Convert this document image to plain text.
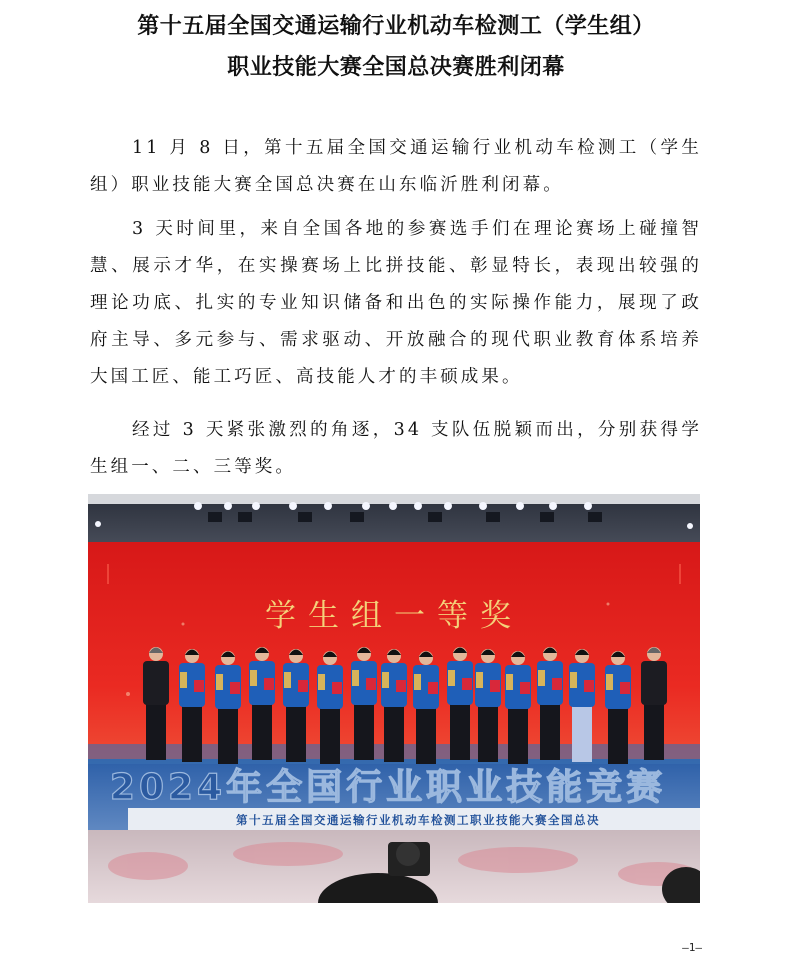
第十五届全国交通运输行业机动车检测工（学生组）
职业技能大赛全国总决赛胜利闭幕

11 月 8 日，第十五届全国交通运输行业机动车检测工（学生组）职业技能大赛全国总决赛在山东临沂胜利闭幕。

3 天时间里，来自全国各地的参赛选手们在理论赛场上碰撞智慧、展示才华，在实操赛场上比拼技能、彰显特长，表现出较强的理论功底、扎实的专业知识储备和出色的实际操作能力，展现了政府主导、多元参与、需求驱动、开放融合的现代职业教育体系培养大国工匠、能工巧匠、高技能人才的丰硕成果。

经过 3 天紧张激烈的角逐，34 支队伍脱颖而出，分别获得学生组一、二、三等奖。

学生组一等奖
2024年全国行业职业技能竞赛
第十五届全国交通运输行业机动车检测工职业技能大赛全国总决
—1—
